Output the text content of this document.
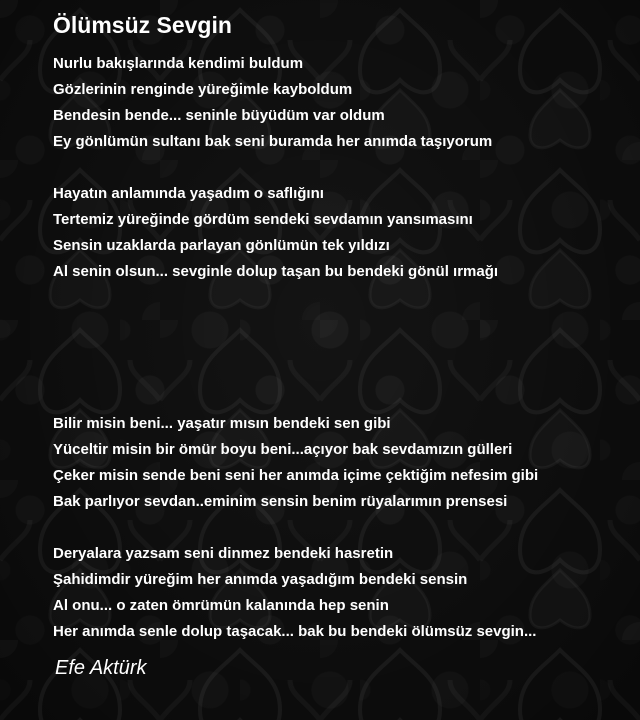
Ölümsüz Sevgin
Nurlu bakışlarında kendimi buldum
Gözlerinin renginde yüreğimle kayboldum
Bendesin bende... seninle büyüdüm var oldum
Ey gönlümün sultanı bak seni buramda her anımda taşıyorum
Hayatın anlamında yaşadım o saflığını
Tertemiz yüreğinde gördüm sendeki sevdamın yansımasını
Sensin uzaklarda parlayan gönlümün tek yıldızı
Al senin olsun... sevginle dolup taşan bu bendeki gönül ırmağı
Bilir misin beni... yaşatır mısın bendeki sen gibi
Yüceltir misin bir ömür boyu beni...açıyor bak sevdamızın gülleri
Çeker misin sende beni seni her anımda içime çektiğim nefesim gibi
Bak parlıyor sevdan..eminim sensin benim rüyalarımın prensesi
Deryalara yazsam seni dinmez bendeki hasretin
Şahidimdir yüreğim her anımda yaşadığım bendeki sensin
Al onu... o zaten ömrümün kalanında hep senin
Her anımda senle dolup taşacak... bak bu bendeki ölümsüz sevgin...
Efe Aktürk
